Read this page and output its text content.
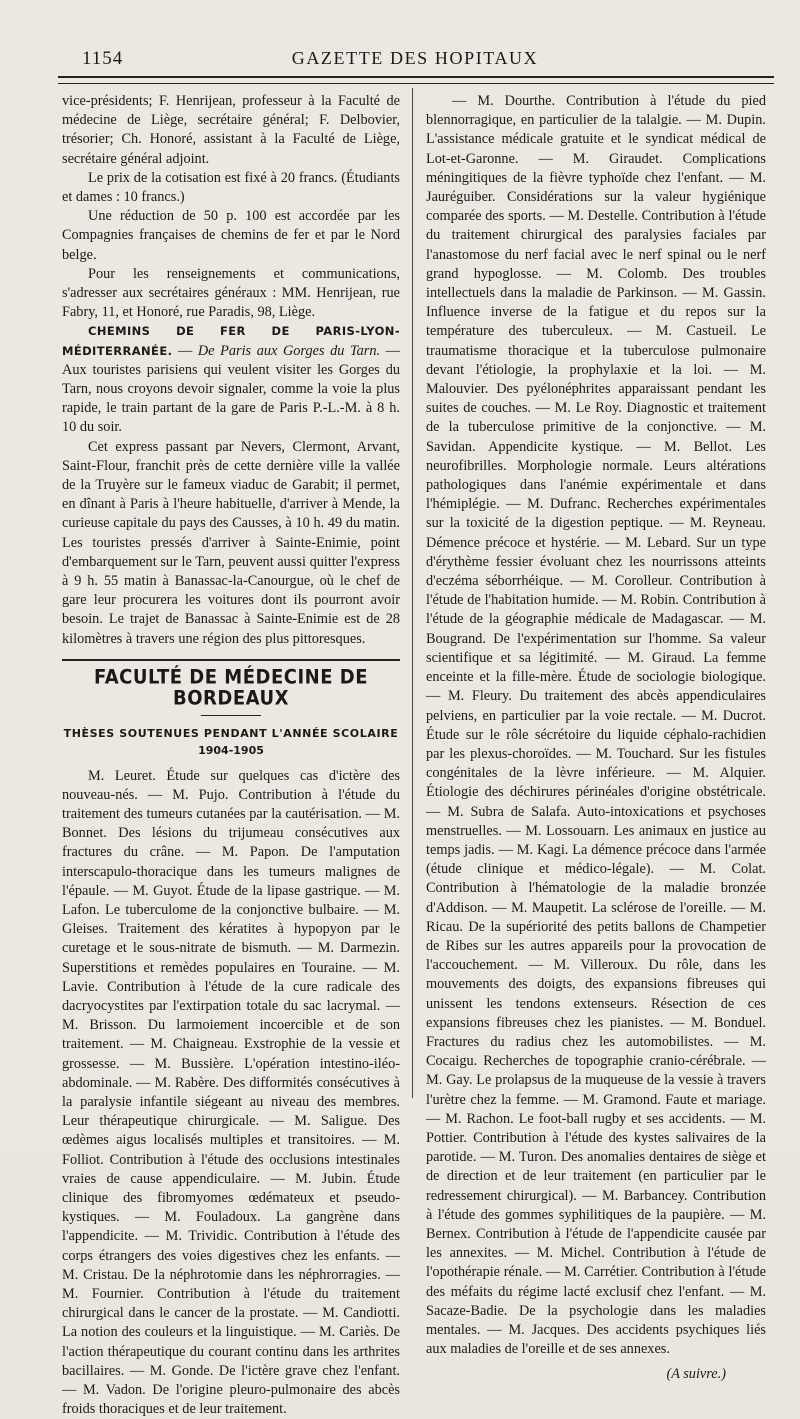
1154	GAZETTE DES HOPITAUX

vice-présidents; F. Henrijean, professeur à la Faculté de médecine de Liège, secrétaire général; F. Delbovier, trésorier; Ch. Honoré, assistant à la Faculté de Liège, secrétaire général adjoint.

Le prix de la cotisation est fixé à 20 francs. (Étudiants et dames : 10 francs.)

Une réduction de 50 p. 100 est accordée par les Compagnies françaises de chemins de fer et par le Nord belge.

Pour les renseignements et communications, s'adresser aux secrétaires généraux : MM. Henrijean, rue Fabry, 11, et Honoré, rue Paradis, 98, Liège.

CHEMINS DE FER DE PARIS-LYON-MÉDITERRANÉE. — De Paris aux Gorges du Tarn. — Aux touristes parisiens qui veulent visiter les Gorges du Tarn, nous croyons devoir signaler, comme la voie la plus rapide, le train partant de la gare de Paris P.-L.-M. à 8 h. 10 du soir.

Cet express passant par Nevers, Clermont, Arvant, Saint-Flour, franchit près de cette dernière ville la vallée de la Truyère sur le fameux viaduc de Garabit; il permet, en dînant à Paris à l'heure habituelle, d'arriver à Mende, la curieuse capitale du pays des Causses, à 10 h. 49 du matin. Les touristes pressés d'arriver à Sainte-Enimie, point d'embarquement sur le Tarn, peuvent aussi quitter l'express à 9 h. 55 matin à Banassac-la-Canourgue, où le chef de gare leur procurera les voitures dont ils pourront avoir besoin. Le trajet de Banassac à Sainte-Enimie est de 28 kilomètres à travers une région des plus pittoresques.

FACULTÉ DE MÉDECINE DE BORDEAUX
THÈSES SOUTENUES PENDANT L'ANNÉE SCOLAIRE
1904-1905

M. Leuret. Étude sur quelques cas d'ictère des nouveau-nés. — M. Pujo. Contribution à l'étude du traitement des tumeurs cutanées par la cautérisation. — M. Bonnet. Des lésions du trijumeau consécutives aux fractures du crâne. — M. Papon. De l'amputation interscapulo-thoracique dans les tumeurs malignes de l'épaule. — M. Guyot. Étude de la lipase gastrique. — M. Lafon. Le tuberculome de la conjonctive bulbaire. — M. Gleises. Traitement des kératites à hypopyon par le curetage et le sous-nitrate de bismuth. — M. Darmezin. Superstitions et remèdes populaires en Touraine. — M. Lavie. Contribution à l'étude de la cure radicale des dacryocystites par l'extirpation totale du sac lacrymal. — M. Brisson. Du larmoiement incoercible et de son traitement. — M. Chaigneau. Exstrophie de la vessie et grossesse. — M. Bussière. L'opération intestino-iléo-abdominale. — M. Rabère. Des difformités consécutives à la paralysie infantile siégeant au niveau des membres. Leur thérapeutique chirurgicale. — M. Saligue. Des œdèmes aigus localisés multiples et transitoires. — M. Folliot. Contribution à l'étude des occlusions intestinales vraies de cause appendiculaire. — M. Jubin. Étude clinique des fibromyomes œdémateux et pseudo-kystiques. — M. Fouladoux. La gangrène dans l'appendicite. — M. Trividic. Contribution à l'étude des corps étrangers des voies digestives chez les enfants. — M. Cristau. De la néphrotomie dans les néphrorragies. — M. Fournier. Contribution à l'étude du traitement chirurgical dans le cancer de la prostate. — M. Candiotti. La notion des couleurs et la linguistique. — M. Cariès. De l'action thérapeutique du courant continu dans les arthrites bacillaires. — M. Gonde. De l'ictère grave chez l'enfant. — M. Vadon. De l'origine pleuro-pulmonaire des abcès froids thoraciques et de leur traitement.

— M. Dourthe. Contribution à l'étude du pied blennorragique, en particulier de la talalgie. — M. Dupin. L'assistance médicale gratuite et le syndicat médical de Lot-et-Garonne. — M. Giraudet. Complications méningitiques de la fièvre typhoïde chez l'enfant. — M. Jauréguiber. Considérations sur la valeur hygiénique comparée des sports. — M. Destelle. Contribution à l'étude du traitement chirurgical des paralysies faciales par l'anastomose du nerf facial avec le nerf spinal ou le nerf grand hypoglosse. — M. Colomb. Des troubles intellectuels dans la maladie de Parkinson. — M. Gassin. Influence inverse de la fatigue et du repos sur la température des tuberculeux. — M. Castueil. Le traumatisme thoracique et la tuberculose pulmonaire devant l'étiologie, la prophylaxie et la loi. — M. Malouvier. Des pyélonéphrites apparaissant pendant les suites de couches. — M. Le Roy. Diagnostic et traitement de la tuberculose primitive de la conjonctive. — M. Savidan. Appendicite kystique. — M. Bellot. Les neurofibrilles. Morphologie normale. Leurs altérations pathologiques dans l'anémie expérimentale et dans l'hémiplégie. — M. Dufranc. Recherches expérimentales sur la toxicité de la digestion peptique. — M. Reyneau. Démence précoce et hystérie. — M. Lebard. Sur un type d'érythème fessier évoluant chez les nourrissons atteints d'eczéma séborrhéique. — M. Corolleur. Contribution à l'étude de l'habitation humide. — M. Robin. Contribution à l'étude de la géographie médicale de Madagascar. — M. Bougrand. De l'expérimentation sur l'homme. Sa valeur scientifique et sa légitimité. — M. Giraud. La femme enceinte et la fille-mère. Étude de sociologie biologique. — M. Fleury. Du traitement des abcès appendiculaires pelviens, en particulier par la voie rectale. — M. Ducrot. Étude sur le rôle sécrétoire du liquide céphalo-rachidien par les plexus-choroïdes. — M. Touchard. Sur les fistules congénitales de la lèvre inférieure. — M. Alquier. Étiologie des déchirures périnéales d'origine obstétricale. — M. Subra de Salafa. Auto-intoxications et psychoses menstruelles. — M. Lossouarn. Les animaux en justice au temps jadis. — M. Kagi. La démence précoce dans l'armée (étude clinique et médico-légale). — M. Colat. Contribution à l'hématologie de la maladie bronzée d'Addison. — M. Maupetit. La sclérose de l'oreille. — M. Ricau. De la supériorité des petits ballons de Champetier de Ribes sur les autres appareils pour la provocation de l'accouchement. — M. Villeroux. Du rôle, dans les mouvements des doigts, des expansions fibreuses qui unissent les tendons extenseurs. Résection de ces expansions fibreuses chez les pianistes. — M. Bonduel. Fractures du radius chez les automobilistes. — M. Cocaigu. Recherches de topographie cranio-cérébrale. — M. Gay. Le prolapsus de la muqueuse de la vessie à travers l'urètre chez la femme. — M. Gramond. Faute et mariage. — M. Rachon. Le foot-ball rugby et ses accidents. — M. Pottier. Contribution à l'étude des kystes salivaires de la parotide. — M. Turon. Des anomalies dentaires de siège et de direction et de leur traitement (en particulier par le redressement chirurgical). — M. Barbancey. Contribution à l'étude des gommes syphilitiques de la paupière. — M. Bernex. Contribution à l'étude de l'appendicite causée par les annexites. — M. Michel. Contribution à l'étude de l'opothérapie rénale. — M. Carrétier. Contribution à l'étude des méfaits du régime lacté exclusif chez l'enfant. — M. Sacaze-Badie. De la psychologie dans les maladies mentales. — M. Jacques. Des accidents psychiques liés aux maladies de l'oreille et de ses annexes.

(A suivre.)
